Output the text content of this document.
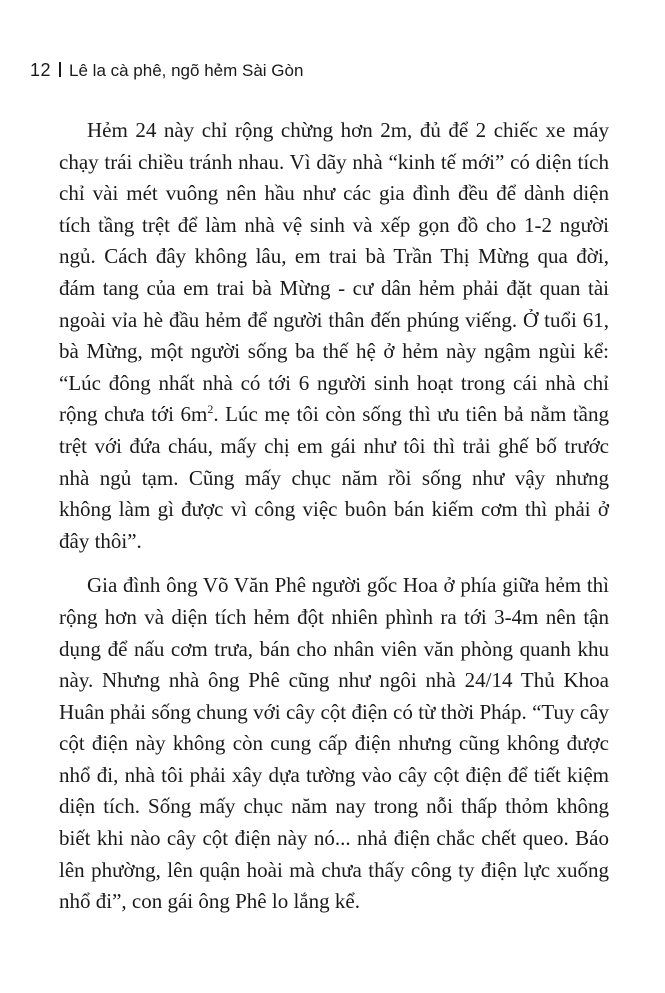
12 Lê la cà phê, ngõ hẻm Sài Gòn

Hẻm 24 này chỉ rộng chừng hơn 2m, đủ để 2 chiếc xe máy chạy trái chiều tránh nhau. Vì dãy nhà “kinh tế mới” có diện tích chỉ vài mét vuông nên hầu như các gia đình đều để dành diện tích tầng trệt để làm nhà vệ sinh và xếp gọn đồ cho 1-2 người ngủ. Cách đây không lâu, em trai bà Trần Thị Mừng qua đời, đám tang của em trai bà Mừng - cư dân hẻm phải đặt quan tài ngoài vỉa hè đầu hẻm để người thân đến phúng viếng. Ở tuổi 61, bà Mừng, một người sống ba thế hệ ở hẻm này ngậm ngùi kể: “Lúc đông nhất nhà có tới 6 người sinh hoạt trong cái nhà chỉ rộng chưa tới $6m^2$. Lúc mẹ tôi còn sống thì ưu tiên bả nằm tầng trệt với đứa cháu, mấy chị em gái như tôi thì trải ghế bố trước nhà ngủ tạm. Cũng mấy chục năm rồi sống như vậy nhưng không làm gì được vì công việc buôn bán kiếm cơm thì phải ở đây thôi”.

Gia đình ông Võ Văn Phê người gốc Hoa ở phía giữa hẻm thì rộng hơn và diện tích hẻm đột nhiên phình ra tới 3-4m nên tận dụng để nấu cơm trưa, bán cho nhân viên văn phòng quanh khu này. Nhưng nhà ông Phê cũng như ngôi nhà 24/14 Thủ Khoa Huân phải sống chung với cây cột điện có từ thời Pháp. “Tuy cây cột điện này không còn cung cấp điện nhưng cũng không được nhổ đi, nhà tôi phải xây dựa tường vào cây cột điện để tiết kiệm diện tích. Sống mấy chục năm nay trong nỗi thấp thỏm không biết khi nào cây cột điện này nó... nhả điện chắc chết queo. Báo lên phường, lên quận hoài mà chưa thấy công ty điện lực xuống nhổ đi”, con gái ông Phê lo lắng kể.
